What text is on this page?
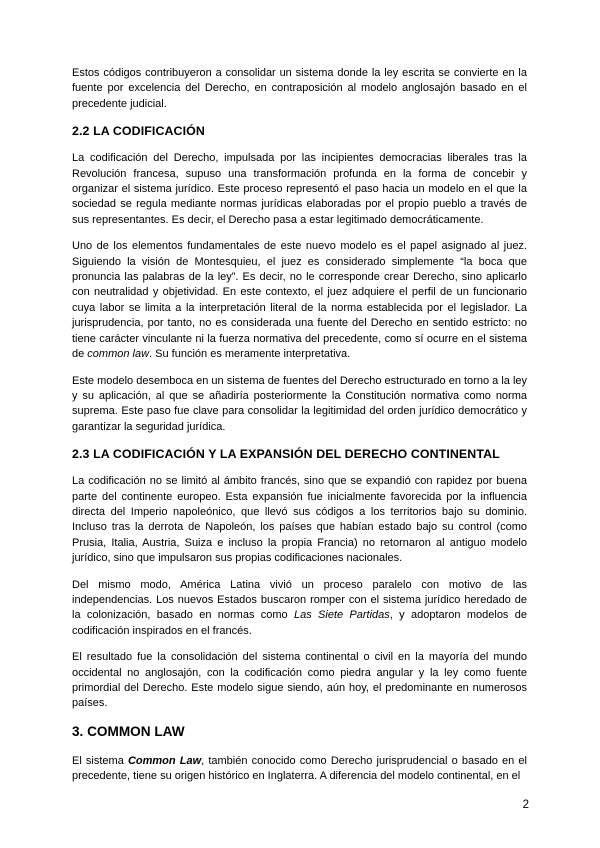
Estos códigos contribuyeron a consolidar un sistema donde la ley escrita se convierte en la fuente por excelencia del Derecho, en contraposición al modelo anglosajón basado en el precedente judicial.

2.2 LA CODIFICACIÓN

La codificación del Derecho, impulsada por las incipientes democracias liberales tras la Revolución francesa, supuso una transformación profunda en la forma de concebir y organizar el sistema jurídico. Este proceso representó el paso hacia un modelo en el que la sociedad se regula mediante normas jurídicas elaboradas por el propio pueblo a través de sus representantes. Es decir, el Derecho pasa a estar legitimado democráticamente.

Uno de los elementos fundamentales de este nuevo modelo es el papel asignado al juez. Siguiendo la visión de Montesquieu, el juez es considerado simplemente “la boca que pronuncia las palabras de la ley”. Es decir, no le corresponde crear Derecho, sino aplicarlo con neutralidad y objetividad. En este contexto, el juez adquiere el perfil de un funcionario cuya labor se limita a la interpretación literal de la norma establecida por el legislador. La jurisprudencia, por tanto, no es considerada una fuente del Derecho en sentido estricto: no tiene carácter vinculante ni la fuerza normativa del precedente, como sí ocurre en el sistema de common law. Su función es meramente interpretativa.

Este modelo desemboca en un sistema de fuentes del Derecho estructurado en torno a la ley y su aplicación, al que se añadiría posteriormente la Constitución normativa como norma suprema. Este paso fue clave para consolidar la legitimidad del orden jurídico democrático y garantizar la seguridad jurídica.

2.3 LA CODIFICACIÓN Y LA EXPANSIÓN DEL DERECHO CONTINENTAL

La codificación no se limitó al ámbito francés, sino que se expandió con rapidez por buena parte del continente europeo. Esta expansión fue inicialmente favorecida por la influencia directa del Imperio napoleónico, que llevó sus códigos a los territorios bajo su dominio. Incluso tras la derrota de Napoleón, los países que habían estado bajo su control (como Prusia, Italia, Austria, Suiza e incluso la propia Francia) no retornaron al antiguo modelo jurídico, sino que impulsaron sus propias codificaciones nacionales.

Del mismo modo, América Latina vivió un proceso paralelo con motivo de las independencias. Los nuevos Estados buscaron romper con el sistema jurídico heredado de la colonización, basado en normas como Las Siete Partidas, y adoptaron modelos de codificación inspirados en el francés.

El resultado fue la consolidación del sistema continental o civil en la mayoría del mundo occidental no anglosajón, con la codificación como piedra angular y la ley como fuente primordial del Derecho. Este modelo sigue siendo, aún hoy, el predominante en numerosos países.

3. COMMON LAW

El sistema Common Law, también conocido como Derecho jurisprudencial o basado en el precedente, tiene su origen histórico en Inglaterra. A diferencia del modelo continental, en el

2
